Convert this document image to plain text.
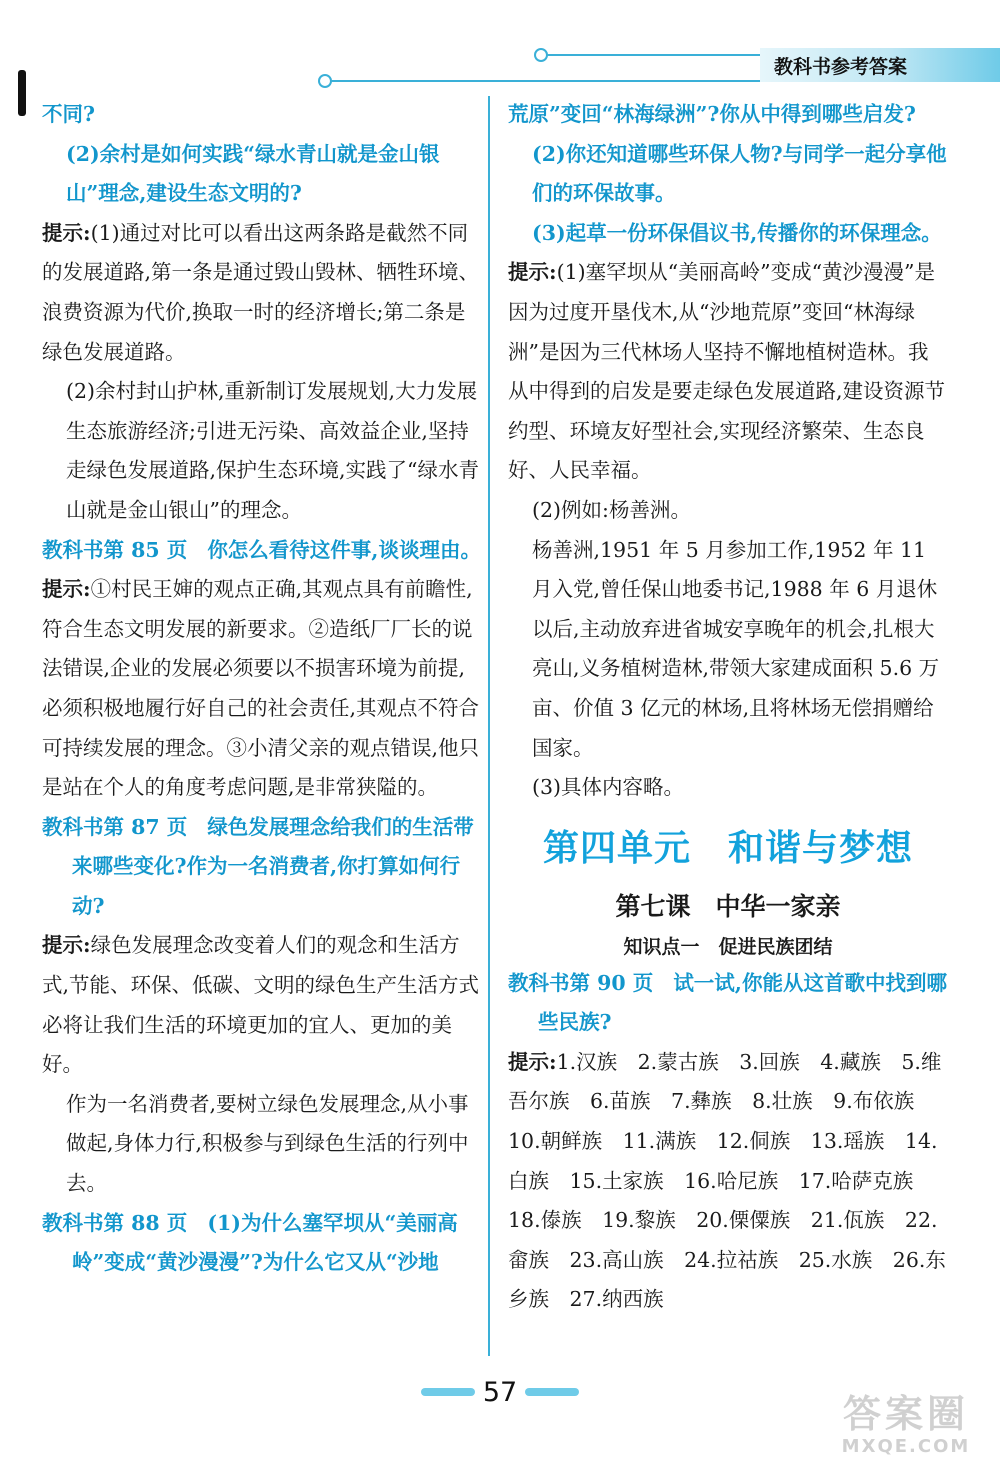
教科书参考答案

不同?

(2)余村是如何实践“绿水青山就是金山银山”理念,建设生态文明的?

提示:(1)通过对比可以看出这两条路是截然不同的发展道路,第一条是通过毁山毁林、牺牲环境、浪费资源为代价,换取一时的经济增长;第二条是绿色发展道路。

(2)余村封山护林,重新制订发展规划,大力发展生态旅游经济;引进无污染、高效益企业,坚持走绿色发展道路,保护生态环境,实践了“绿水青山就是金山银山”的理念。

教科书第 85 页 你怎么看待这件事,谈谈理由。

提示:①村民王婶的观点正确,其观点具有前瞻性,符合生态文明发展的新要求。②造纸厂厂长的说法错误,企业的发展必须要以不损害环境为前提,必须积极地履行好自己的社会责任,其观点不符合可持续发展的理念。③小清父亲的观点错误,他只是站在个人的角度考虑问题,是非常狭隘的。

教科书第 87 页 绿色发展理念给我们的生活带来哪些变化?作为一名消费者,你打算如何行动?

提示:绿色发展理念改变着人们的观念和生活方式,节能、环保、低碳、文明的绿色生产生活方式必将让我们生活的环境更加的宜人、更加的美好。

作为一名消费者,要树立绿色发展理念,从小事做起,身体力行,积极参与到绿色生活的行列中去。

教科书第 88 页 (1)为什么塞罕坝从“美丽高岭”变成“黄沙漫漫”?为什么它又从“沙地

荒原”变回“林海绿洲”?你从中得到哪些启发?

(2)你还知道哪些环保人物?与同学一起分享他们的环保故事。

(3)起草一份环保倡议书,传播你的环保理念。

提示:(1)塞罕坝从“美丽高岭”变成“黄沙漫漫”是因为过度开垦伐木,从“沙地荒原”变回“林海绿洲”是因为三代林场人坚持不懈地植树造林。我从中得到的启发是要走绿色发展道路,建设资源节约型、环境友好型社会,实现经济繁荣、生态良好、人民幸福。

(2)例如:杨善洲。

杨善洲,1951 年 5 月参加工作,1952 年 11 月入党,曾任保山地委书记,1988 年 6 月退休以后,主动放弃进省城安享晚年的机会,扎根大亮山,义务植树造林,带领大家建成面积 5.6 万亩、价值 3 亿元的林场,且将林场无偿捐赠给国家。

(3)具体内容略。

第四单元　和谐与梦想

第七课　中华一家亲

知识点一　促进民族团结

教科书第 90 页 试一试,你能从这首歌中找到哪些民族?

提示:1.汉族　2.蒙古族　3.回族　4.藏族　5.维吾尔族　6.苗族　7.彝族　8.壮族　9.布依族　10.朝鲜族　11.满族　12.侗族　13.瑶族　14.白族　15.土家族　16.哈尼族　17.哈萨克族　18.傣族　19.黎族　20.傈僳族　21.佤族　22.畲族　23.高山族　24.拉祜族　25.水族　26.东乡族　27.纳西族

57	答案圈
MXQE.COM
